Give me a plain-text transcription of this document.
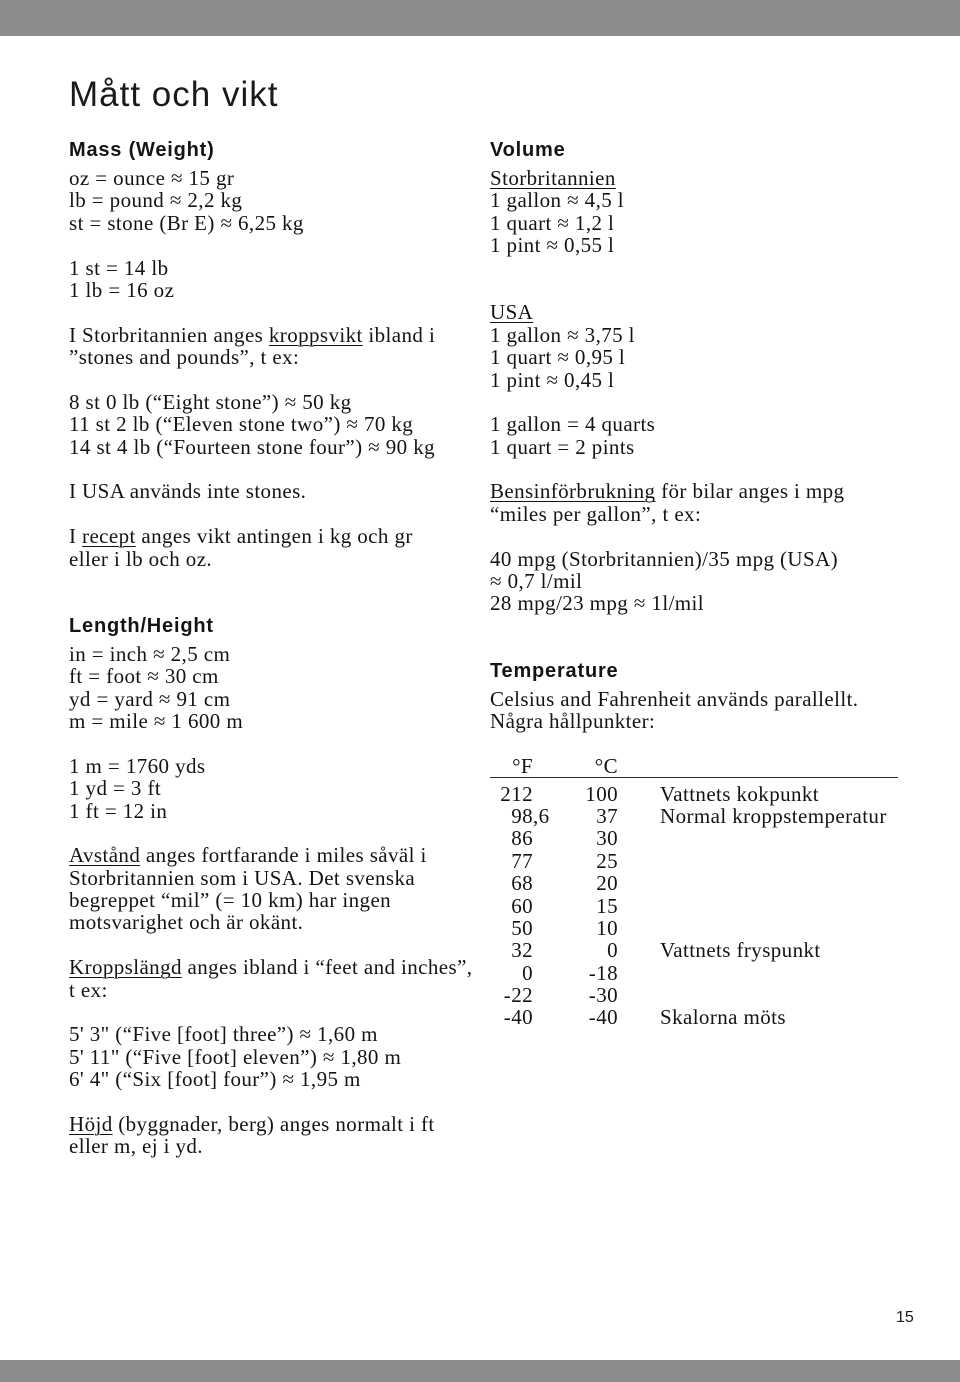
Mått och vikt
Mass (Weight)
oz = ounce ≈ 15 gr
lb = pound ≈ 2,2 kg
st = stone (Br E) ≈ 6,25 kg
1 st = 14 lb
1 lb = 16 oz
I Storbritannien anges kroppsvikt ibland i
”stones and pounds”, t ex:
8 st 0 lb (“Eight stone”) ≈ 50 kg
11 st 2 lb (“Eleven stone two”) ≈ 70 kg
14 st 4 lb (“Fourteen stone four”) ≈ 90 kg
I USA används inte stones.
I recept anges vikt antingen i kg och gr
eller i lb och oz.
Length/Height
in = inch ≈ 2,5 cm
ft = foot ≈ 30 cm
yd = yard ≈ 91 cm
m = mile ≈ 1 600 m
1 m = 1760 yds
1 yd = 3 ft
1 ft = 12 in
Avstånd anges fortfarande i miles såväl i
Storbritannien som i USA. Det svenska
begreppet “mil” (= 10 km) har ingen
motsvarighet och är okänt.
Kroppslängd anges ibland i “feet and inches”,
t ex:
5' 3" (“Five [foot] three”) ≈ 1,60 m
5' 11" (“Five [foot] eleven”) ≈ 1,80 m
6' 4" (“Six [foot] four”) ≈ 1,95 m
Höjd (byggnader, berg) anges normalt i ft
eller m, ej i yd.
Volume
Storbritannien
1 gallon ≈ 4,5 l
1 quart ≈ 1,2 l
1 pint ≈ 0,55 l
USA
1 gallon ≈ 3,75 l
1 quart ≈ 0,95 l
1 pint ≈ 0,45 l
1 gallon = 4 quarts
1 quart = 2 pints
Bensinförbrukning för bilar anges i mpg
“miles per gallon”, t ex:
40 mpg (Storbritannien)/35 mpg (USA)
≈ 0,7 l/mil
28 mpg/23 mpg ≈ 1l/mil
Temperature
Celsius and Fahrenheit används parallellt.
Några hållpunkter:
°F	°C
212	100 Vattnets kokpunkt
98 ,6	37 Normal kroppstemperatur
86	30
77	25
68	20
60	15
50	10
32	0 Vattnets fryspunkt
0	-18
-22	-30
-40	-40 Skalorna möts
15
